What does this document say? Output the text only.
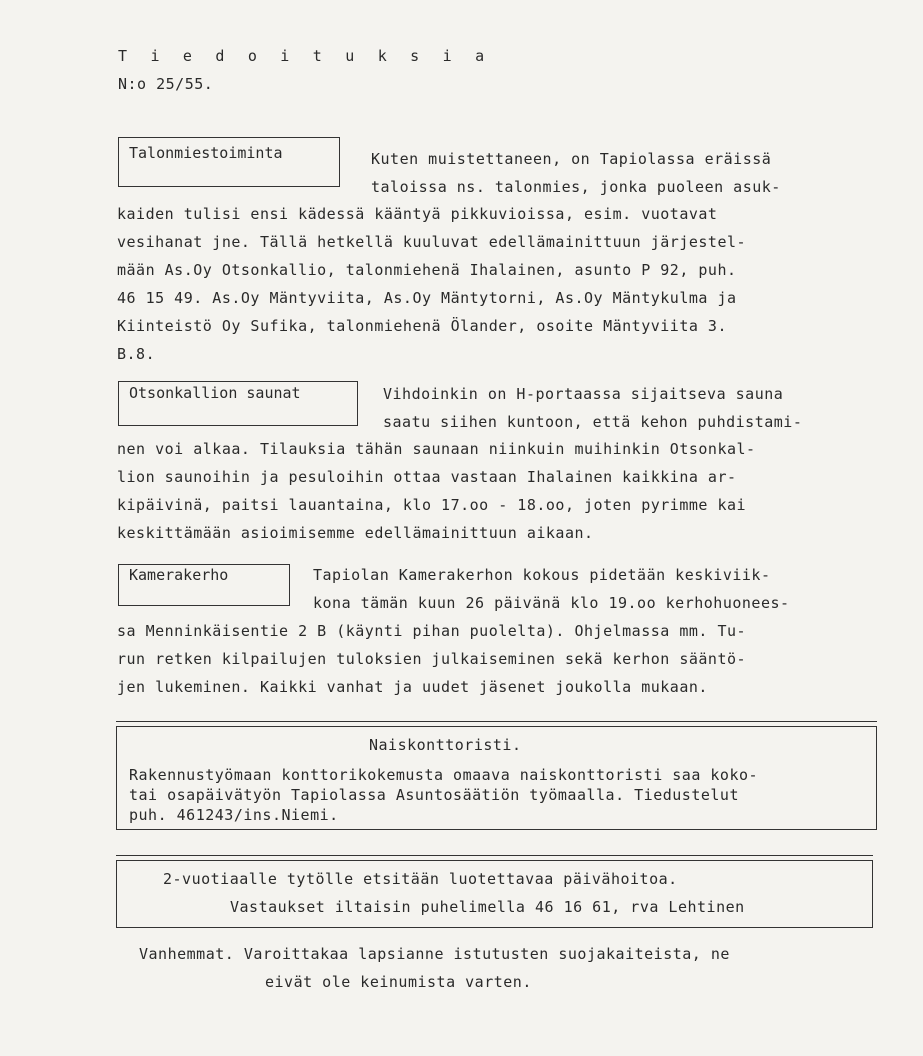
T i e d o i t u k s i a
N:o 25/55.
Talonmiestoiminta	Kuten muistettaneen, on Tapiolassa eräissä
taloissa ns. talonmies, jonka puoleen asuk-
kaiden tulisi ensi kädessä kääntyä pikkuvioissa, esim. vuotavat
vesihanat jne. Tällä hetkellä kuuluvat edellämainittuun järjestel-
mään As.Oy Otsonkallio, talonmiehenä Ihalainen, asunto P 92, puh.
46 15 49. As.Oy Mäntyviita, As.Oy Mäntytorni, As.Oy Mäntykulma ja
Kiinteistö Oy Sufika, talonmiehenä Ölander, osoite Mäntyviita 3.
B.8.
Otsonkallion saunat	Vihdoinkin on H-portaassa sijaitseva sauna
saatu siihen kuntoon, että kehon puhdistami-
nen voi alkaa. Tilauksia tähän saunaan niinkuin muihinkin Otsonkal-
lion saunoihin ja pesuloihin ottaa vastaan Ihalainen kaikkina ar-
kipäivinä, paitsi lauantaina, klo 17.oo - 18.oo, joten pyrimme kai
keskittämään asioimisemme edellämainittuun aikaan.
Kamerakerho	Tapiolan Kamerakerhon kokous pidetään keskiviik-
kona tämän kuun 26 päivänä klo 19.oo kerhohuonees-
sa Menninkäisentie 2 B (käynti pihan puolelta). Ohjelmassa mm. Tu-
run retken kilpailujen tuloksien julkaiseminen sekä kerhon sääntö-
jen lukeminen. Kaikki vanhat ja uudet jäsenet joukolla mukaan.
Naiskonttoristi.
Rakennustyömaan konttorikokemusta omaava naiskonttoristi saa koko-
tai osapäivätyön Tapiolassa Asuntosäätiön työmaalla. Tiedustelut
puh. 461243/ins.Niemi.
2-vuotiaalle tytölle etsitään luotettavaa päivähoitoa.
Vastaukset iltaisin puhelimella 46 16 61, rva Lehtinen
Vanhemmat. Varoittakaa lapsianne istutusten suojakaiteista, ne
eivät ole keinumista varten.
